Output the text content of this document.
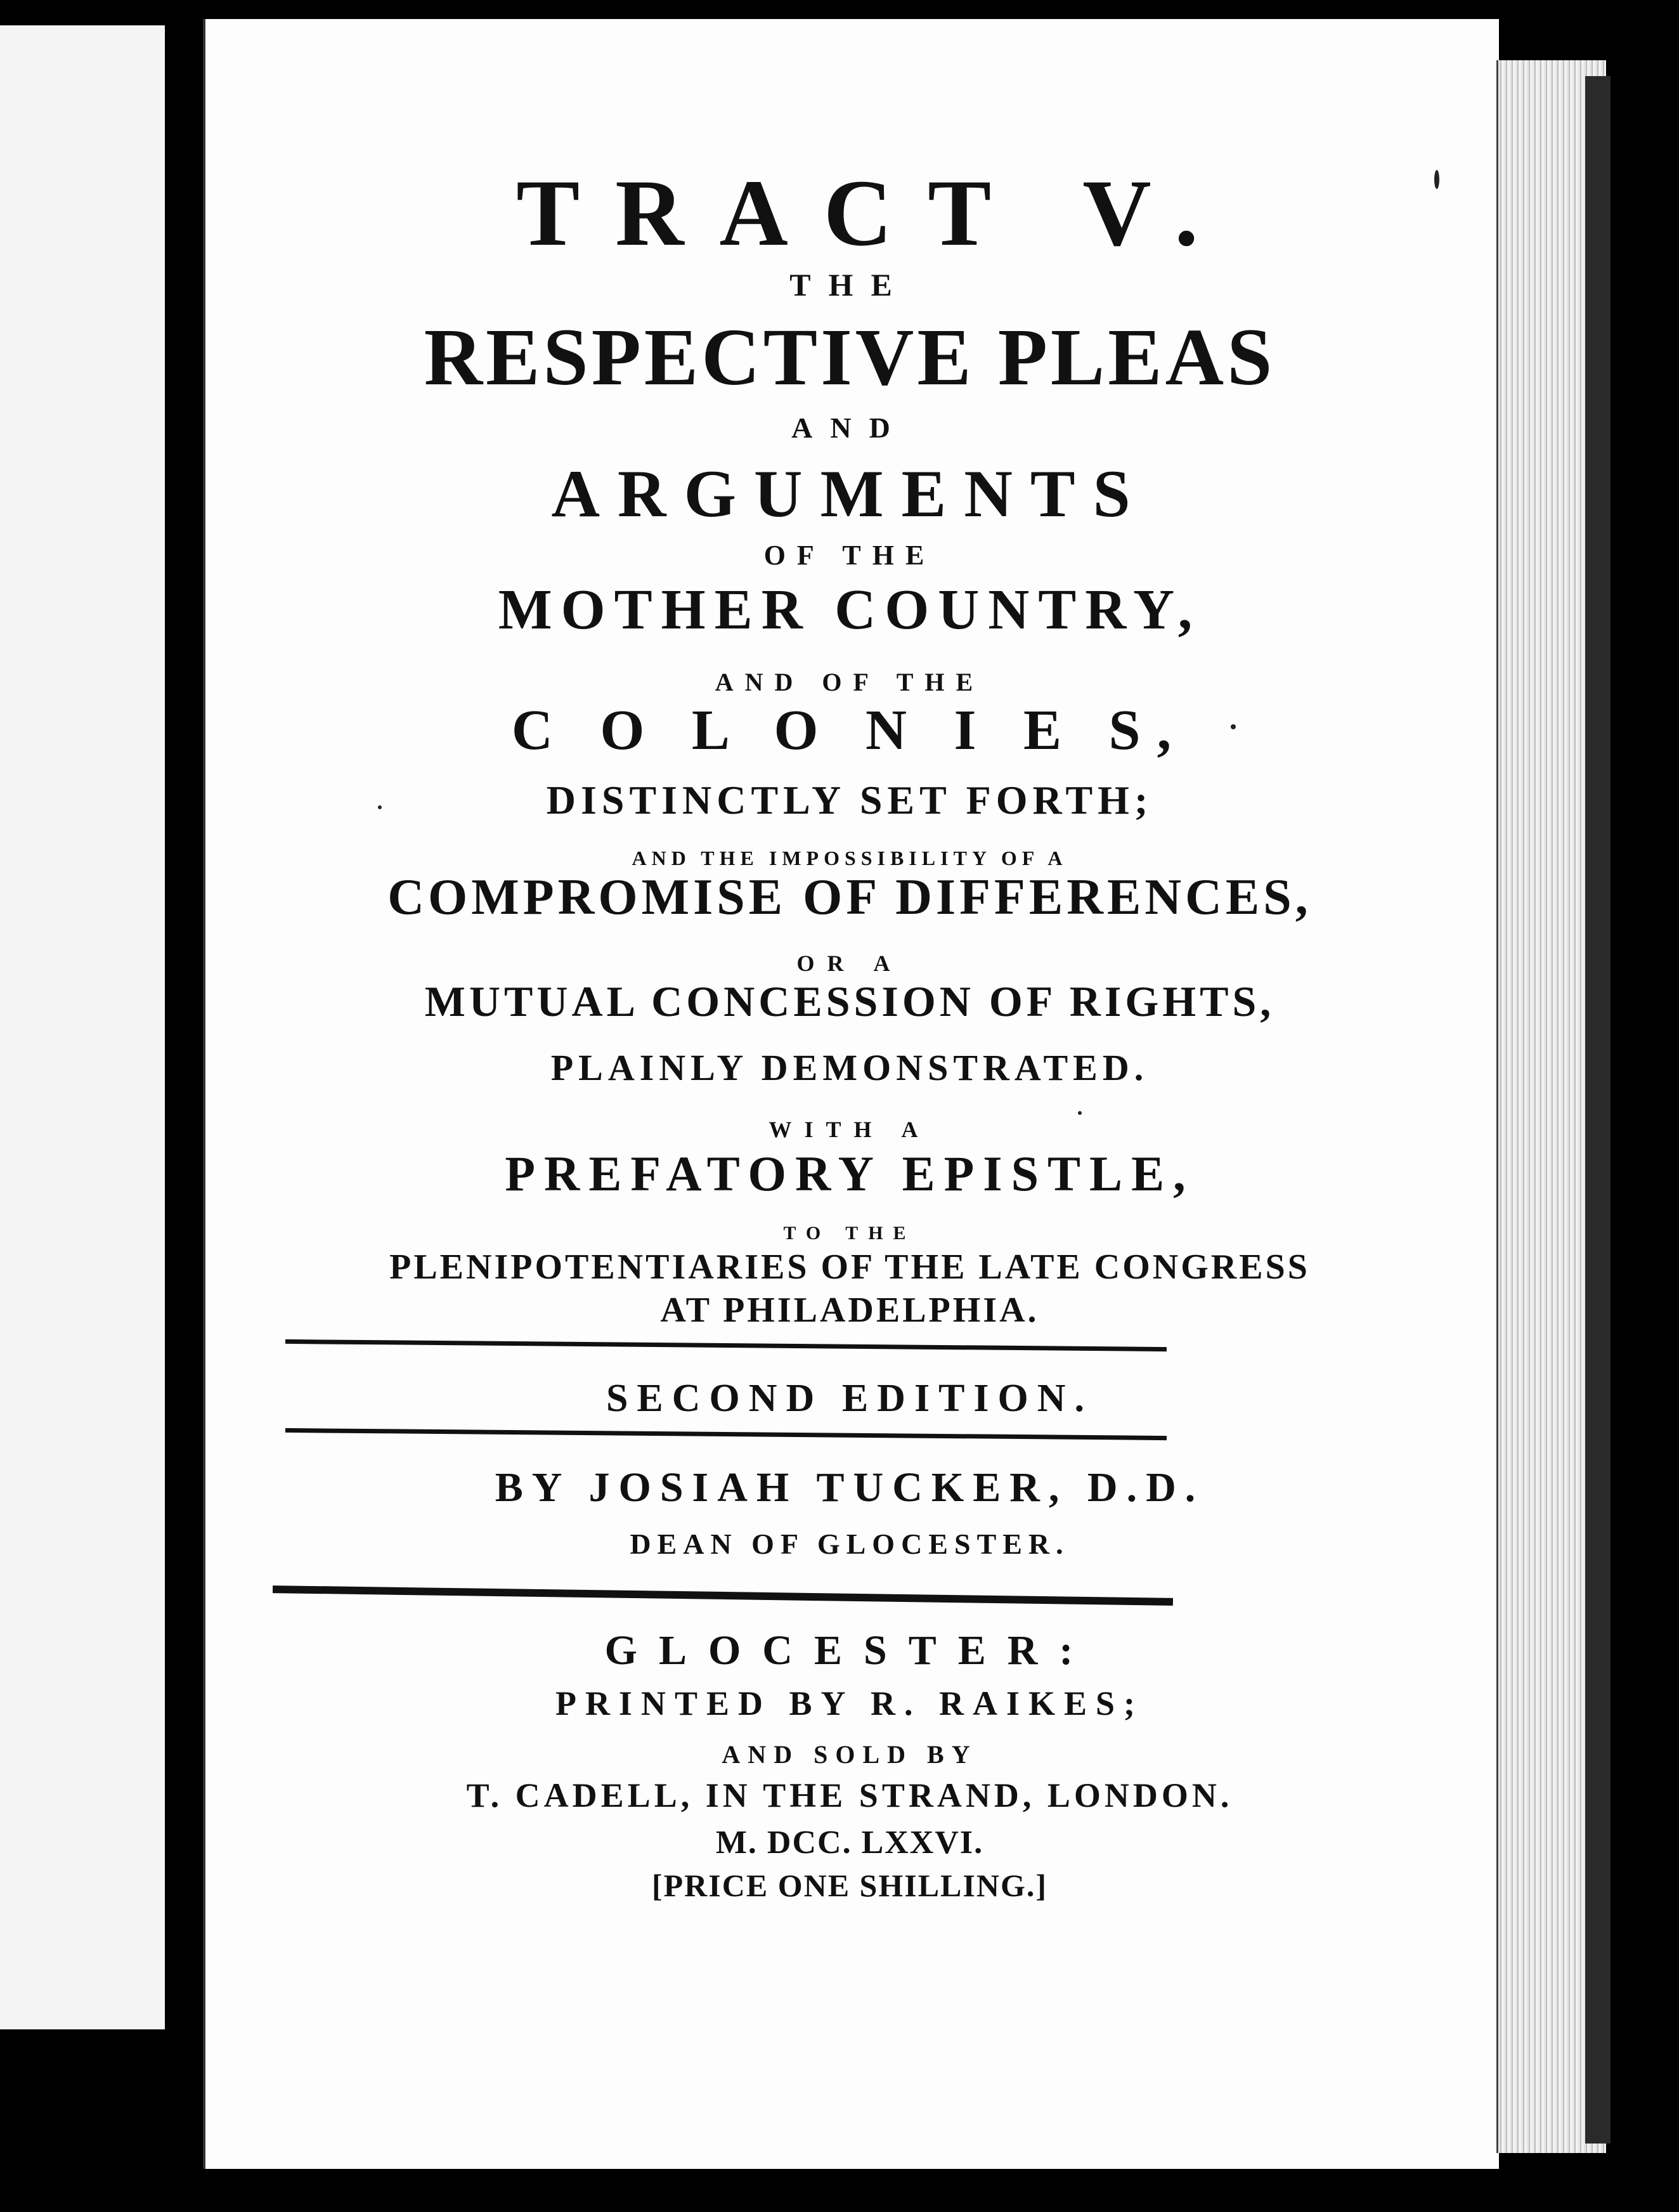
TRACT V.
THE
RESPECTIVE PLEAS
AND
ARGUMENTS
OF THE
MOTHER COUNTRY,
AND OF THE
C O L O N I E S,
DISTINCTLY SET FORTH;
AND THE IMPOSSIBILITY OF A
COMPROMISE OF DIFFERENCES,
OR A
MUTUAL CONCESSION OF RIGHTS,
PLAINLY DEMONSTRATED.
WITH A
PREFATORY EPISTLE,
TO THE
PLENIPOTENTIARIES OF THE LATE CONGRESS
AT PHILADELPHIA.
SECOND EDITION.
BY JOSIAH TUCKER, D.D.
DEAN OF GLOCESTER.
GLOCESTER:
PRINTED BY R. RAIKES;
AND SOLD BY
T. CADELL, IN THE STRAND, LONDON.
M. DCC. LXXVI.
[PRICE ONE SHILLING.]
